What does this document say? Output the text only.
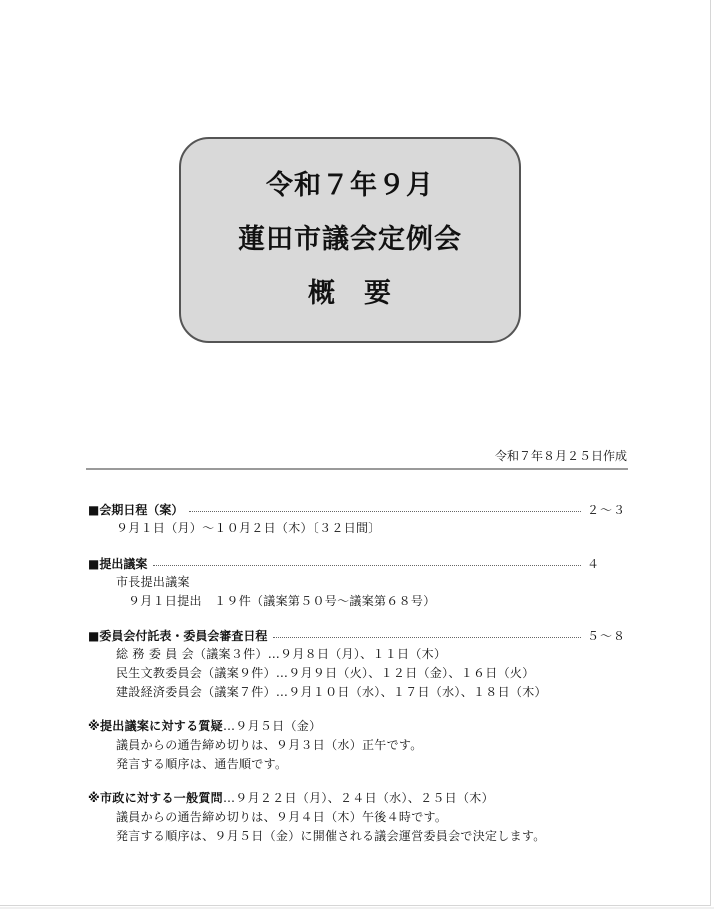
令和７年９月
蓮田市議会定例会
概　要
令和７年８月２５日作成
■会期日程（案）	２～３
９月１日（月）～１０月２日（木）〔３２日間〕
■提出議案	４
市長提出議案
９月１日提出　１９件（議案第５０号～議案第６８号）
■委員会付託表・委員会審査日程	５～８
総 務 委 員 会（議案３件）…９月８日（月）、１１日（木）
民生文教委員会（議案９件）…９月９日（火）、１２日（金）、１６日（火）
建設経済委員会（議案７件）…９月１０日（水）、１７日（水）、１８日（木）
※提出議案に対する質疑…９月５日（金）
議員からの通告締め切りは、９月３日（水）正午です。
発言する順序は、通告順です。
※市政に対する一般質問…９月２２日（月）、２４日（水）、２５日（木）
議員からの通告締め切りは、９月４日（木）午後４時です。
発言する順序は、９月５日（金）に開催される議会運営委員会で決定します。
